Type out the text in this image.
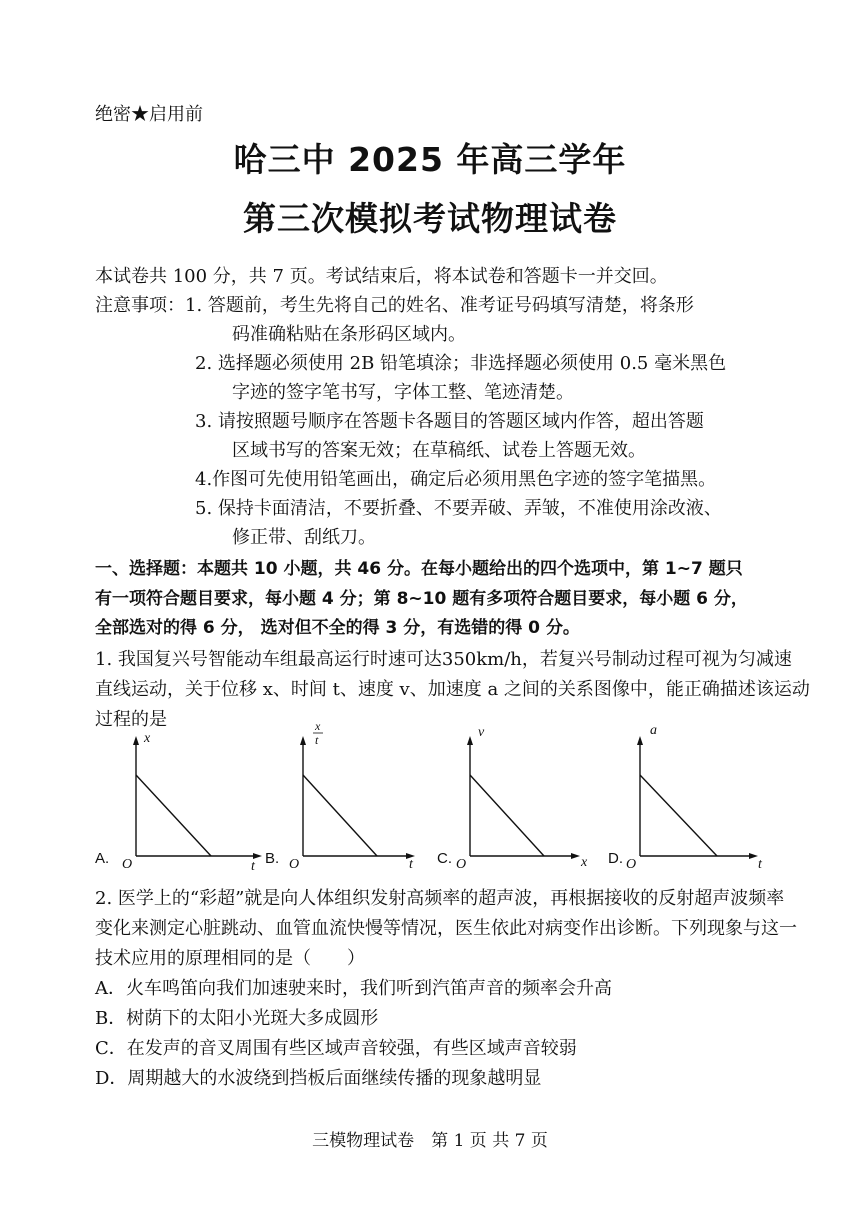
绝密★启用前
哈三中 2025 年高三学年
第三次模拟考试物理试卷
本试卷共 100 分，共 7 页。考试结束后，将本试卷和答题卡一并交回。
注意事项：1. 答题前，考生先将自己的姓名、准考证号码填写清楚，将条形
码准确粘贴在条形码区域内。
2. 选择题必须使用 2B 铅笔填涂；非选择题必须使用 0.5 毫米黑色
字迹的签字笔书写，字体工整、笔迹清楚。
3. 请按照题号顺序在答题卡各题目的答题区域内作答，超出答题
区域书写的答案无效；在草稿纸、试卷上答题无效。
4.作图可先使用铅笔画出，确定后必须用黑色字迹的签字笔描黑。
5. 保持卡面清洁，不要折叠、不要弄破、弄皱，不准使用涂改液、
修正带、刮纸刀。
一、选择题：本题共 10 小题，共 46 分。在每小题给出的四个选项中，第 1~7 题只
有一项符合题目要求，每小题 4 分；第 8~10 题有多项符合题目要求，每小题 6 分，
全部选对的得 6 分， 选对但不全的得 3 分，有选错的得 0 分。
1. 我国复兴号智能动车组最高运行时速可达350km/h，若复兴号制动过程可视为匀减速
直线运动，关于位移 x、时间 t、速度 v、加速度 a 之间的关系图像中，能正确描述该运动
过程的是
A.
x
O	t B.
x
t
O	t C.
v
O	x D.
a
O	t
2. 医学上的“彩超”就是向人体组织发射高频率的超声波，再根据接收的反射超声波频率
变化来测定心脏跳动、血管血流快慢等情况，医生依此对病变作出诊断。下列现象与这一
技术应用的原理相同的是（　　）
A．火车鸣笛向我们加速驶来时，我们听到汽笛声音的频率会升高
B．树荫下的太阳小光斑大多成圆形
C．在发声的音叉周围有些区域声音较强，有些区域声音较弱
D．周期越大的水波绕到挡板后面继续传播的现象越明显
三模物理试卷　第 1 页 共 7 页
